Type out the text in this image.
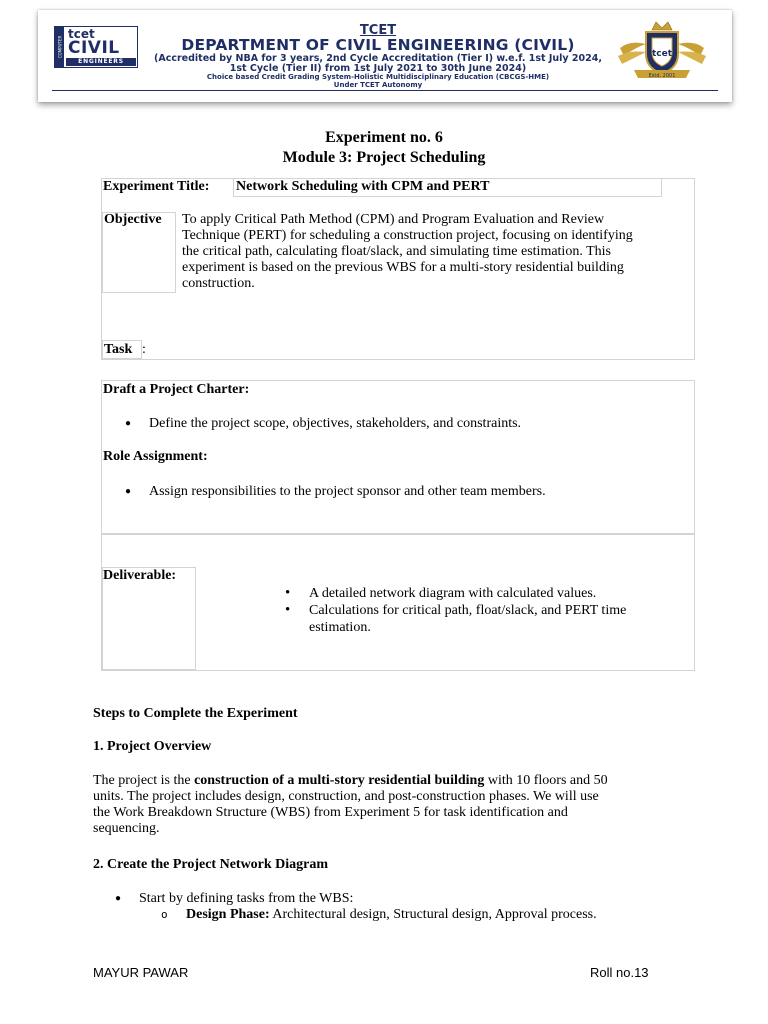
COMPUTER
tcet
CIVIL
ENGINEERS
TCET
DEPARTMENT OF CIVIL ENGINEERING (CIVIL)
(Accredited by NBA for 3 years, 2nd Cycle Accreditation (Tier I) w.e.f. 1st July 2024,
1st Cycle (Tier II) from 1st July 2021 to 30th June 2024)
Choice based Credit Grading System-Holistic Multidisciplinary Education (CBCGS-HME)
Under TCET Autonomy
tcet
Estd. 2001
Experiment no. 6
Module 3: Project Scheduling
Experiment Title: Network Scheduling with CPM and PERT
Objective To apply Critical Path Method (CPM) and Program Evaluation and Review
Technique (PERT) for scheduling a construction project, focusing on identifying
the critical path, calculating float/slack, and simulating time estimation. This
experiment is based on the previous WBS for a multi-story residential building
construction.
Task :
Draft a Project Charter:
● Define the project scope, objectives, stakeholders, and constraints.
Role Assignment:
● Assign responsibilities to the project sponsor and other team members.
Deliverable:
• A detailed network diagram with calculated values.
• Calculations for critical path, float/slack, and PERT time
estimation.
Steps to Complete the Experiment
1. Project Overview
The project is the construction of a multi-story residential building with 10 floors and 50
units. The project includes design, construction, and post-construction phases. We will use
the Work Breakdown Structure (WBS) from Experiment 5 for task identification and
sequencing.
2. Create the Project Network Diagram
● Start by defining tasks from the WBS:
o Design Phase: Architectural design, Structural design, Approval process.
MAYUR PAWAR	Roll no.13
